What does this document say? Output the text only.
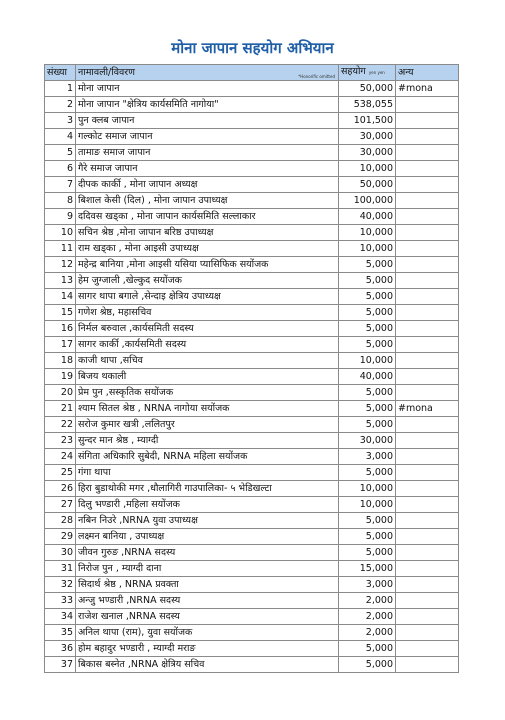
मोना जापान सहयोग अभियान
संख्या	नामावली/विवरण *Honorific omitted	सहयोग yen yen	अन्य
1	मोना जापान	50,000	#mona
2	मोना जापान "क्षेत्रिय कार्यसमिति नागोया"	538,055	
3	पुन क्लब जापान	101,500	
4	गल्कोट समाज जापान	30,000	
5	तामाङ समाज जापान	30,000	
6	गैरे समाज जापान	10,000	
7	दीपक कार्की , मोना जापान अध्यक्ष	50,000	
8	बिशाल केसी (दिल) , मोना जापान उपाध्यक्ष	100,000	
9	ददिवस खड्का , मोना जापान कार्यसमिति सल्लाकार	40,000	
10	सचिन श्रेष्ठ ,मोना जापान बरिष्ठ उपाध्यक्ष	10,000	
11	राम खड्का , मोना आइसी उपाध्यक्ष	10,000	
12	महेन्द्र बानिया ,मोना आइसी यसिया प्यासिफिक सयोंजक	5,000	
13	हेम जुग्जाली ,खेल्कुद सयोंजक	5,000	
14	सागर थापा बगाले ,सेन्दाइ क्षेत्रिय उपाध्यक्ष	5,000	
15	गणेश श्रेष्ठ, महासचिव	5,000	
16	निर्मल बरुवाल ,कार्यसमिती सदस्य	5,000	
17	सागर कार्की ,कार्यसमिती सदस्य	5,000	
18	काजी थापा ,सचिव	10,000	
19	बिजय थकाली	40,000	
20	प्रेम पुन ,सस्कृतिक सयोंजक	5,000	
21	श्याम सितल श्रेष्ठ , NRNA नागोया सयोंजक	5,000	#mona
22	सरोज कुमार खत्री ,ललितपुर	5,000	
23	सुन्दर मान श्रेष्ठ , म्याग्दी	30,000	
24	संगिता अधिकारि सुबेदी, NRNA महिला सयोंजक	3,000	
25	गंगा थापा	5,000	
26	हिरा बुडाथोकी मगर ,धौलागिरी गाउपालिका- ५ भेडिखल्टा	10,000	
27	दिलु भण्डारी ,महिला सयोंजक	10,000	
28	नबिन निउरे ,NRNA युवा उपाध्यक्ष	5,000	
29	लक्ष्मन बानिया , उपाध्यक्ष	5,000	
30	जीवन गुरुङ ,NRNA सदस्य	5,000	
31	निरोज पुन , म्याग्दी दाना	15,000	
32	सिदार्थ श्रेष्ठ , NRNA प्रवक्ता	3,000	
33	अन्जु भण्डारी ,NRNA सदस्य	2,000	
34	राजेश खनाल ,NRNA सदस्य	2,000	
35	अनिल थापा (राम), युवा सयोंजक	2,000	
36	होम बहादुर भण्डारी , म्याग्दी मराङ	5,000	
37	बिकास बस्नेत ,NRNA क्षेत्रिय सचिव	5,000	
